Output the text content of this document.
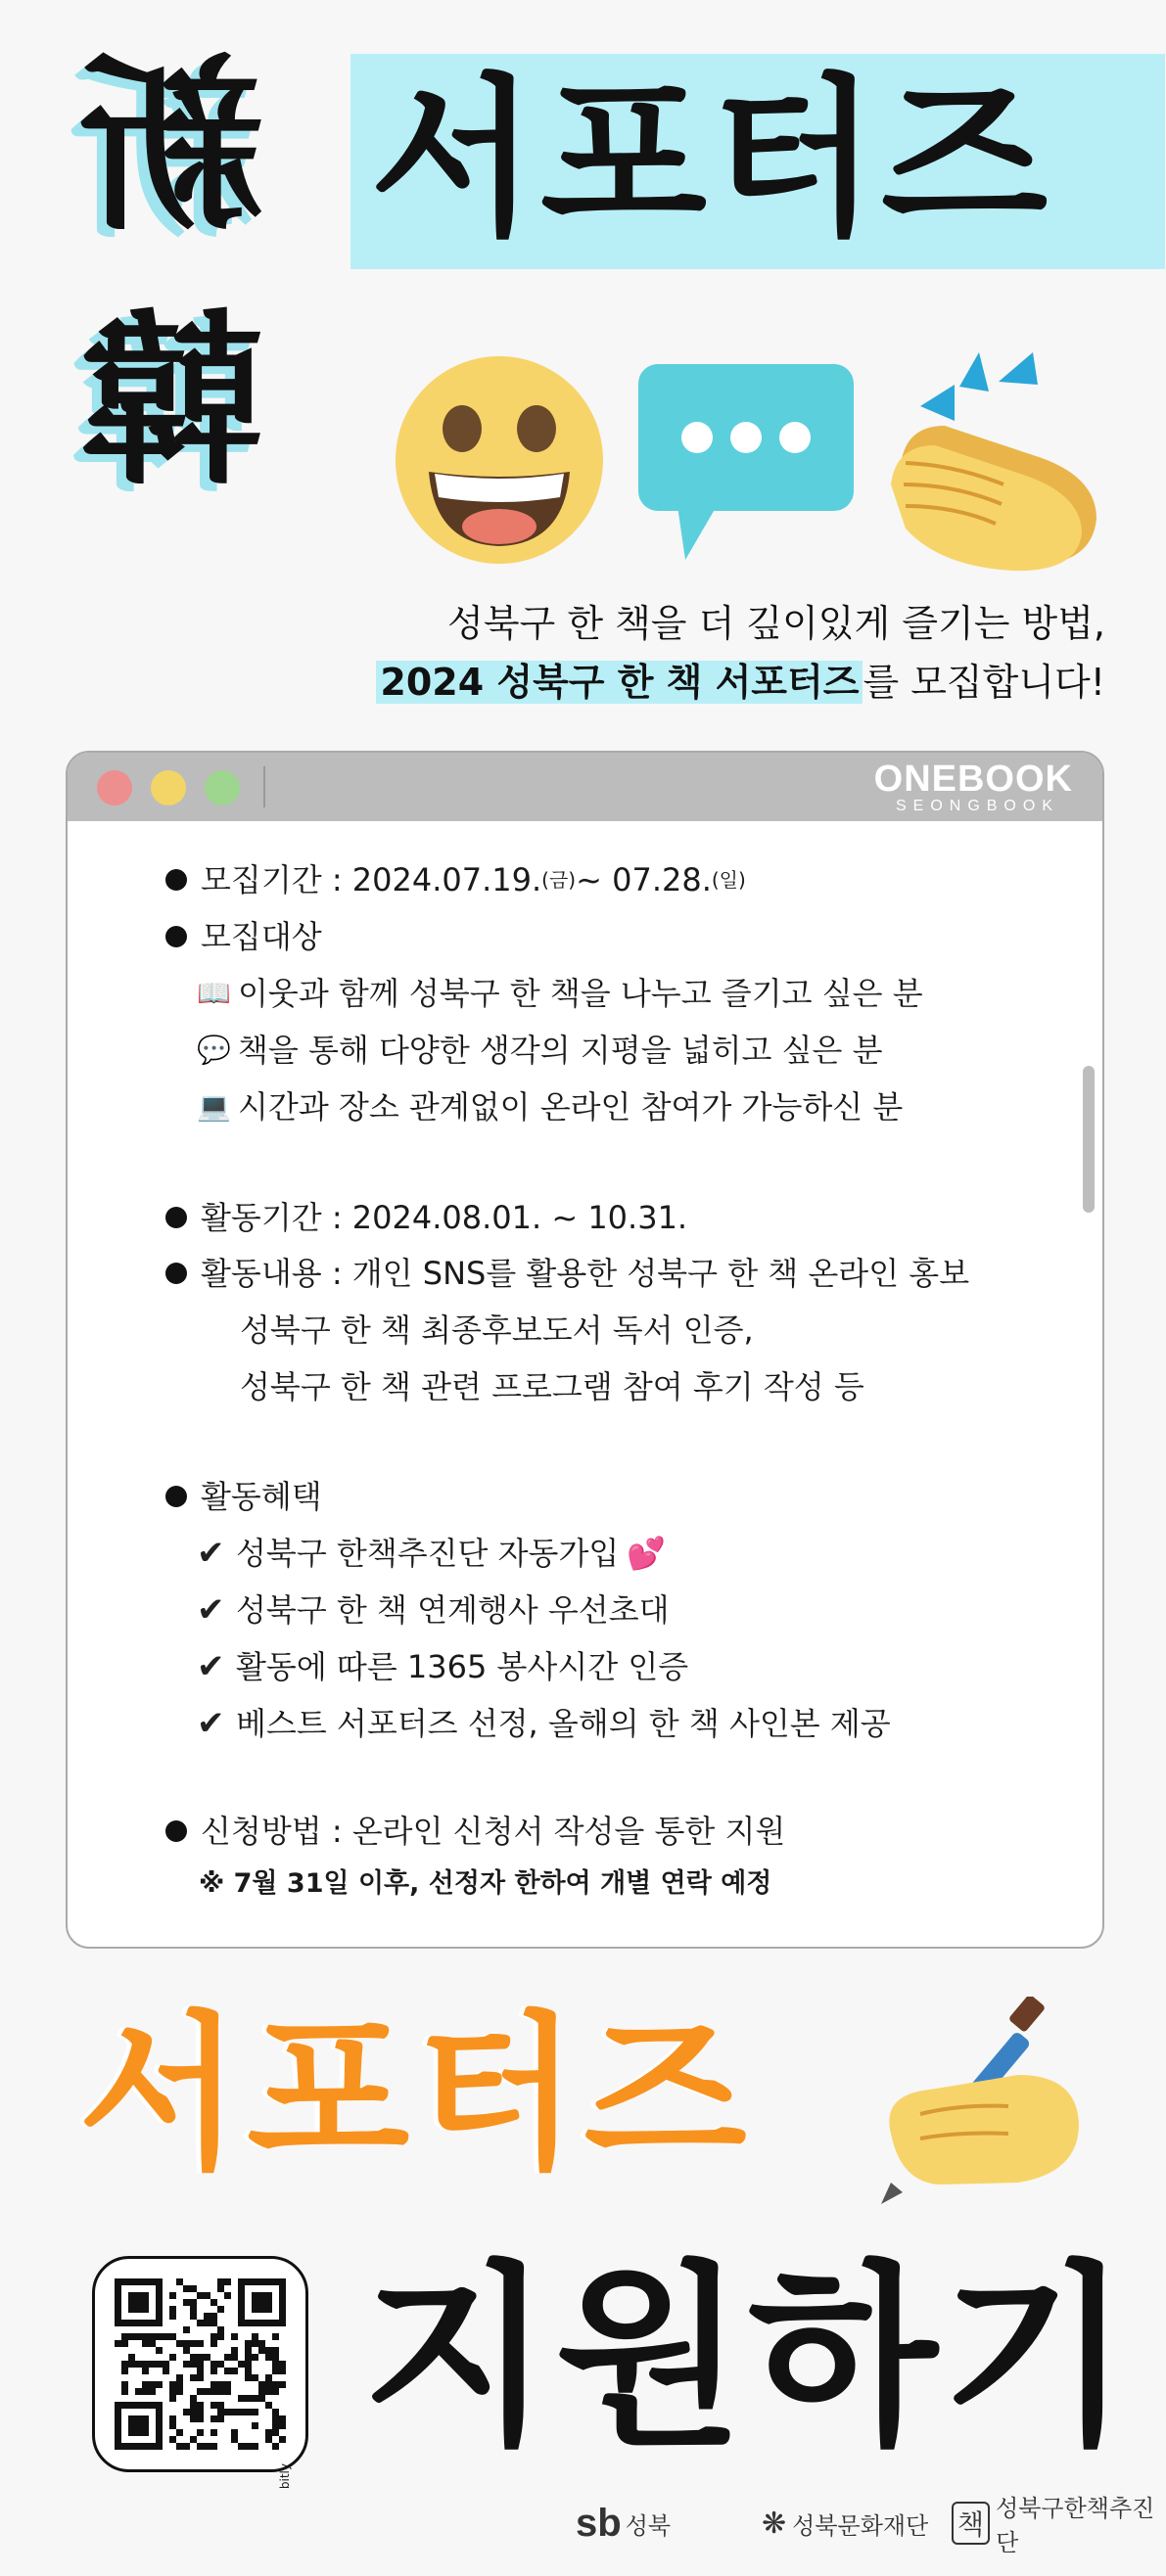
新
韓
서포터즈
성북구 한 책을 더 깊이있게 즐기는 방법,
2024 성북구 한 책 서포터즈 를 모집합니다!
ONEBOOK
SEONGBOOK
모집기간 : 2024.07.19. (금) ~ 07.28. (일)
모집대상
📖 이웃과 함께 성북구 한 책을 나누고 즐기고 싶은 분
💬 책을 통해 다양한 생각의 지평을 넓히고 싶은 분
💻 시간과 장소 관계없이 온라인 참여가 가능하신 분
활동기간 : 2024.08.01. ~ 10.31.
활동내용 : 개인 SNS를 활용한 성북구 한 책 온라인 홍보
성북구 한 책 최종후보도서 독서 인증,
성북구 한 책 관련 프로그램 참여 후기 작성 등
활동혜택
✔ 성북구 한책추진단 자동가입 💕
✔ 성북구 한 책 연계행사 우선초대
✔ 활동에 따른 1365 봉사시간 인증
✔ 베스트 서포터즈 선정, 올해의 한 책 사인본 제공
신청방법 : 온라인 신청서 작성을 통한 지원
※ 7월 31일 이후, 선정자 한하여 개별 연락 예정
서포터즈
bitly
지원하기
sb 성북	❋ 성북문화재단 책 성북구한책추진단
